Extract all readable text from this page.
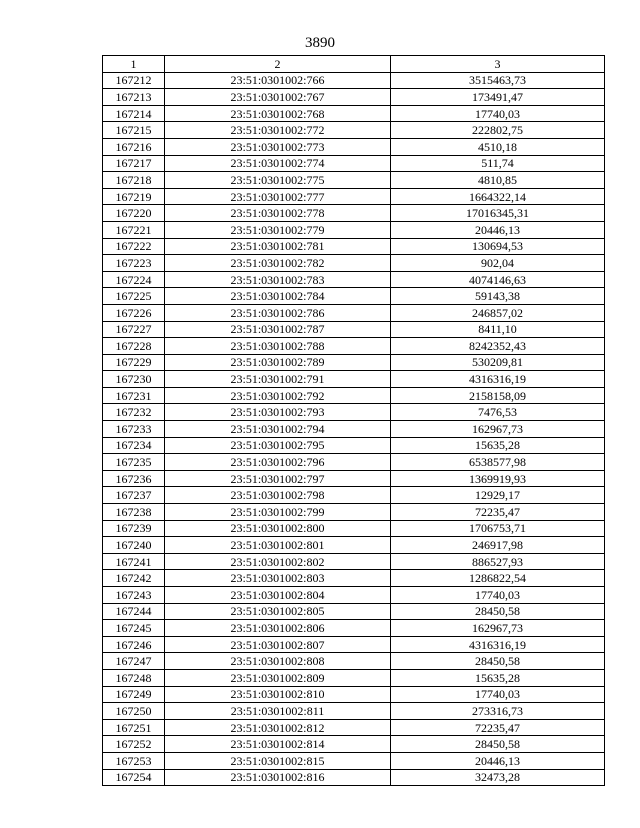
3890
1	2	3
167212	23:51:0301002:766	3515463,73
167213	23:51:0301002:767	173491,47
167214	23:51:0301002:768	17740,03
167215	23:51:0301002:772	222802,75
167216	23:51:0301002:773	4510,18
167217	23:51:0301002:774	511,74
167218	23:51:0301002:775	4810,85
167219	23:51:0301002:777	1664322,14
167220	23:51:0301002:778	17016345,31
167221	23:51:0301002:779	20446,13
167222	23:51:0301002:781	130694,53
167223	23:51:0301002:782	902,04
167224	23:51:0301002:783	4074146,63
167225	23:51:0301002:784	59143,38
167226	23:51:0301002:786	246857,02
167227	23:51:0301002:787	8411,10
167228	23:51:0301002:788	8242352,43
167229	23:51:0301002:789	530209,81
167230	23:51:0301002:791	4316316,19
167231	23:51:0301002:792	2158158,09
167232	23:51:0301002:793	7476,53
167233	23:51:0301002:794	162967,73
167234	23:51:0301002:795	15635,28
167235	23:51:0301002:796	6538577,98
167236	23:51:0301002:797	1369919,93
167237	23:51:0301002:798	12929,17
167238	23:51:0301002:799	72235,47
167239	23:51:0301002:800	1706753,71
167240	23:51:0301002:801	246917,98
167241	23:51:0301002:802	886527,93
167242	23:51:0301002:803	1286822,54
167243	23:51:0301002:804	17740,03
167244	23:51:0301002:805	28450,58
167245	23:51:0301002:806	162967,73
167246	23:51:0301002:807	4316316,19
167247	23:51:0301002:808	28450,58
167248	23:51:0301002:809	15635,28
167249	23:51:0301002:810	17740,03
167250	23:51:0301002:811	273316,73
167251	23:51:0301002:812	72235,47
167252	23:51:0301002:814	28450,58
167253	23:51:0301002:815	20446,13
167254	23:51:0301002:816	32473,28
